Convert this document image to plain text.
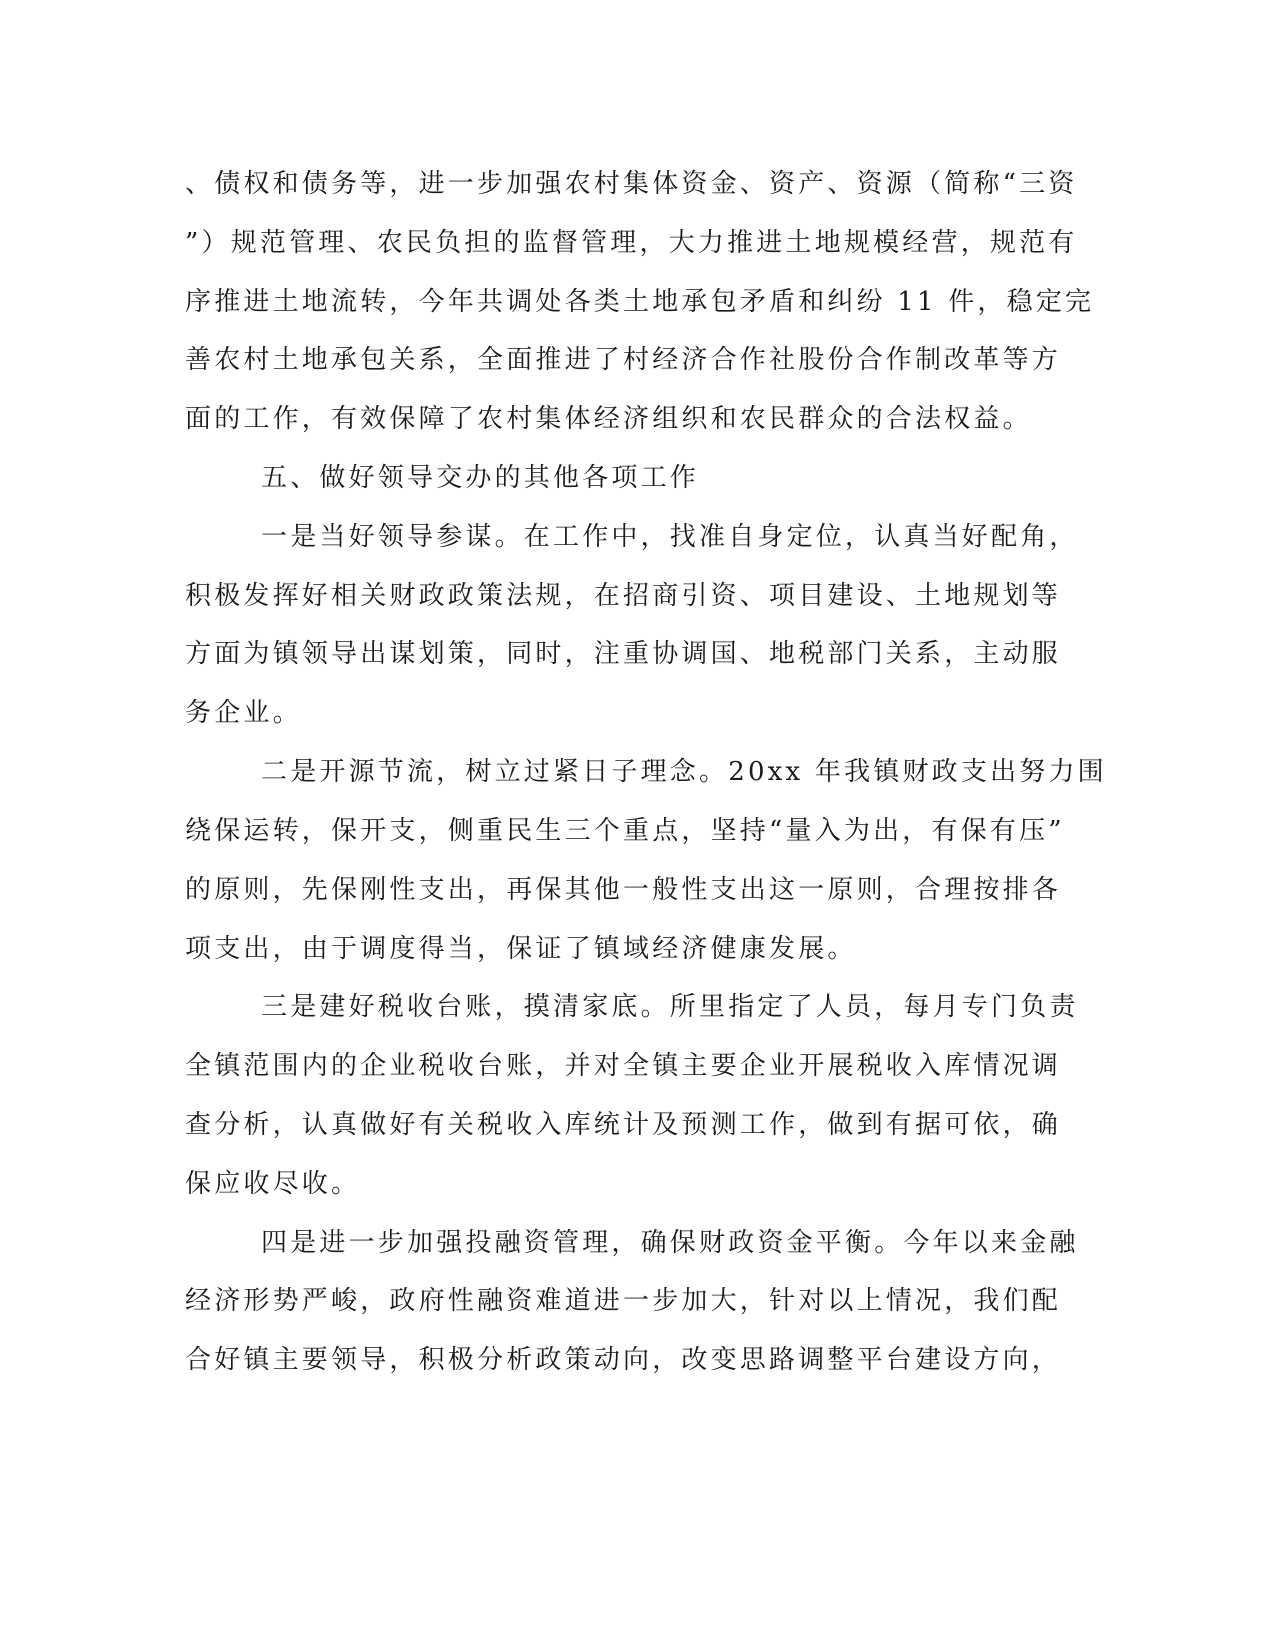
、债权和债务等，进一步加强农村集体资金、资产、资源（简称“三资
”）规范管理、农民负担的监督管理，大力推进土地规模经营，规范有
序推进土地流转，今年共调处各类土地承包矛盾和纠纷 11 件，稳定完
善农村土地承包关系，全面推进了村经济合作社股份合作制改革等方
面的工作，有效保障了农村集体经济组织和农民群众的合法权益。
五、做好领导交办的其他各项工作
一是当好领导参谋。在工作中，找准自身定位，认真当好配角，
积极发挥好相关财政政策法规，在招商引资、项目建设、土地规划等
方面为镇领导出谋划策，同时，注重协调国、地税部门关系，主动服
务企业。
二是开源节流，树立过紧日子理念。20xx 年我镇财政支出努力围
绕保运转，保开支，侧重民生三个重点，坚持“量入为出，有保有压”
的原则，先保刚性支出，再保其他一般性支出这一原则，合理按排各
项支出，由于调度得当，保证了镇域经济健康发展。
三是建好税收台账，摸清家底。所里指定了人员，每月专门负责
全镇范围内的企业税收台账，并对全镇主要企业开展税收入库情况调
查分析，认真做好有关税收入库统计及预测工作，做到有据可依，确
保应收尽收。
四是进一步加强投融资管理，确保财政资金平衡。今年以来金融
经济形势严峻，政府性融资难道进一步加大，针对以上情况，我们配
合好镇主要领导，积极分析政策动向，改变思路调整平台建设方向，
